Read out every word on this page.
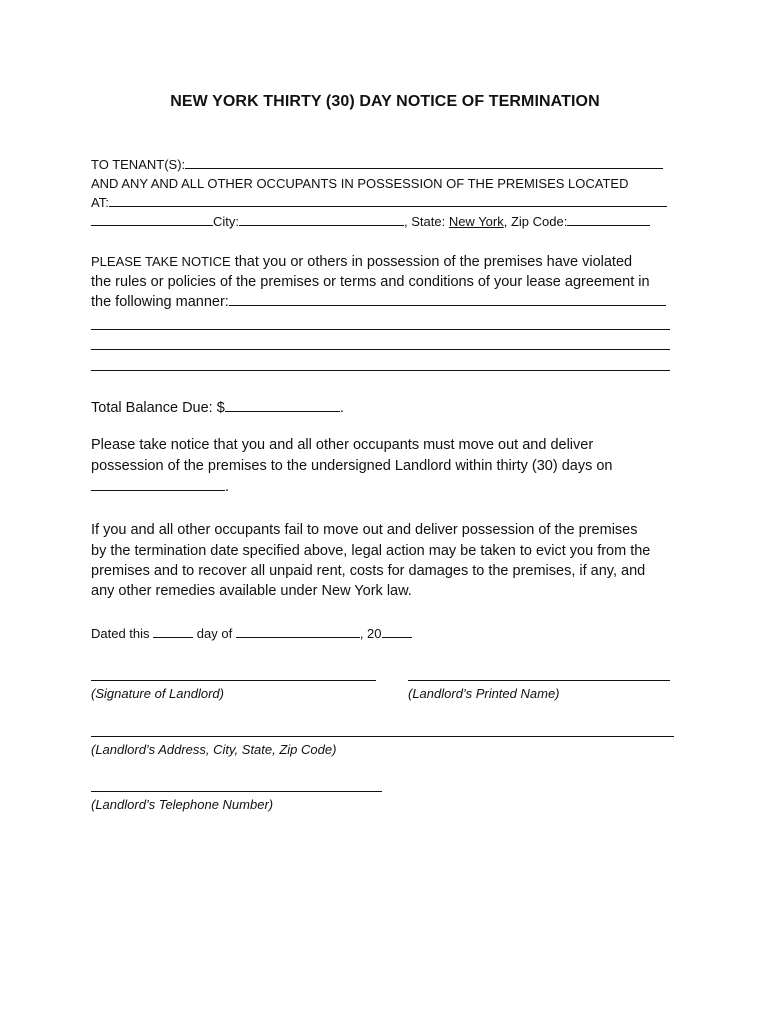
NEW YORK THIRTY (30) DAY NOTICE OF TERMINATION
TO TENANT(S):
AND ANY AND ALL OTHER OCCUPANTS IN POSSESSION OF THE PREMISES LOCATED
AT:
City:	, State: New York, Zip Code:
PLEASE TAKE NOTICE that you or others in possession of the premises have violated
the rules or policies of the premises or terms and conditions of your lease agreement in
the following manner:
Total Balance Due: $	.
Please take notice that you and all other occupants must move out and deliver
possession of the premises to the undersigned Landlord within thirty (30) days on
.
If you and all other occupants fail to move out and deliver possession of the premises
by the termination date specified above, legal action may be taken to evict you from the
premises and to recover all unpaid rent, costs for damages to the premises, if any, and
any other remedies available under New York law.
Dated this	day of	, 20
(Signature of Landlord)	(Landlord’s Printed Name)
(Landlord’s Address, City, State, Zip Code)
(Landlord’s Telephone Number)
